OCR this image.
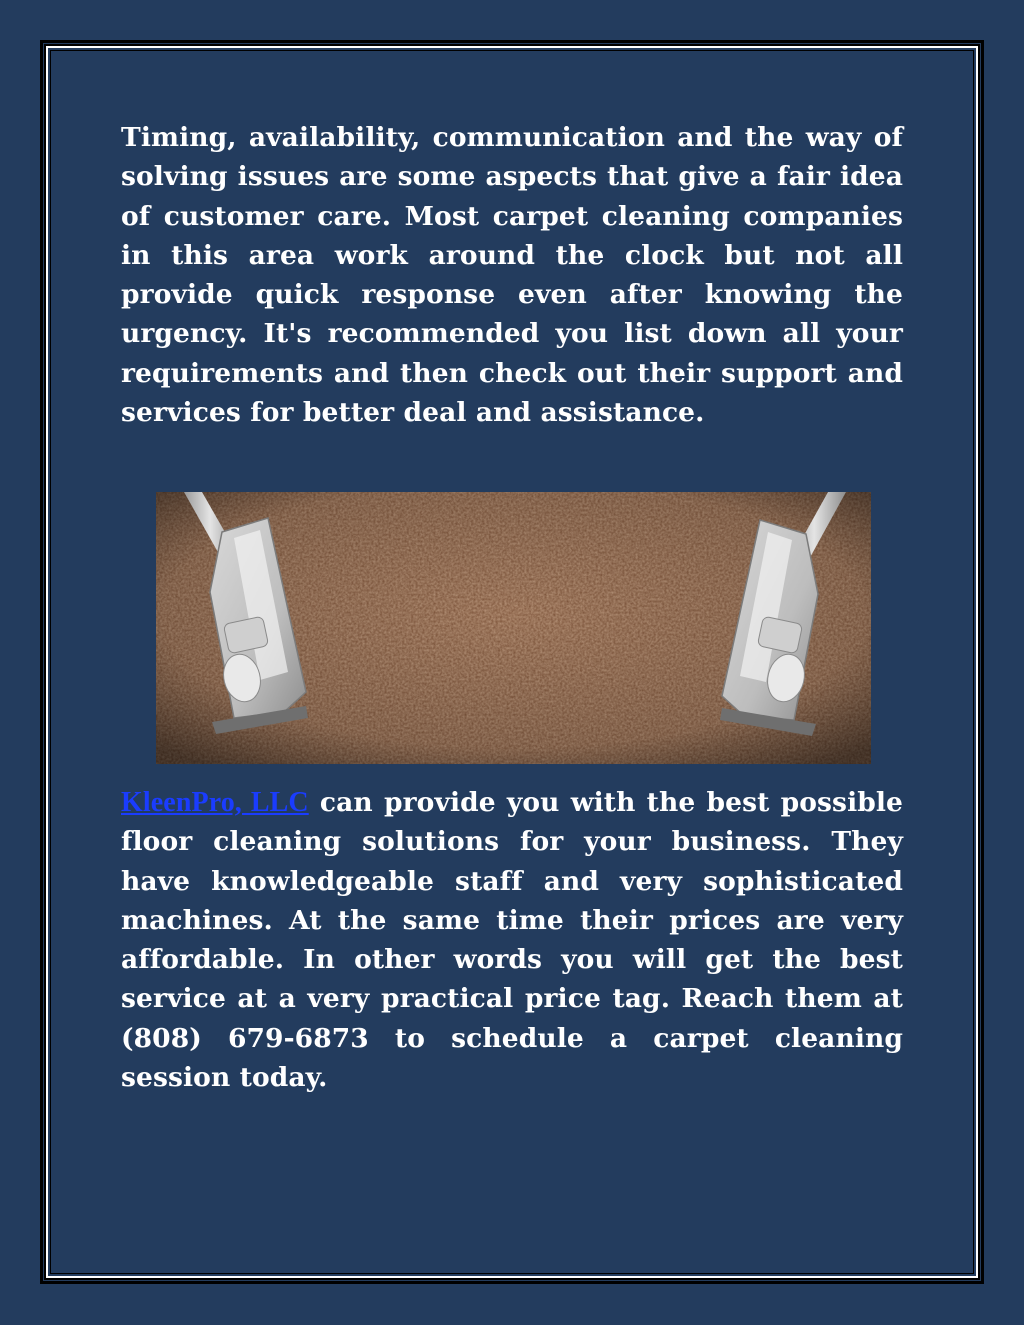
Timing, availability, communication and the way of solving issues are some aspects that give a fair idea of customer care. Most carpet cleaning companies in this area work around the clock but not all provide quick response even after knowing the urgency. It's recommended you list down all your requirements and then check out their support and services for better deal and assistance.

KleenPro, LLC can provide you with the best possible floor cleaning solutions for your business. They have knowledgeable staff and very sophisticated machines. At the same time their prices are very affordable. In other words you will get the best service at a very practical price tag. Reach them at (808) 679-6873 to schedule a carpet cleaning session today.
